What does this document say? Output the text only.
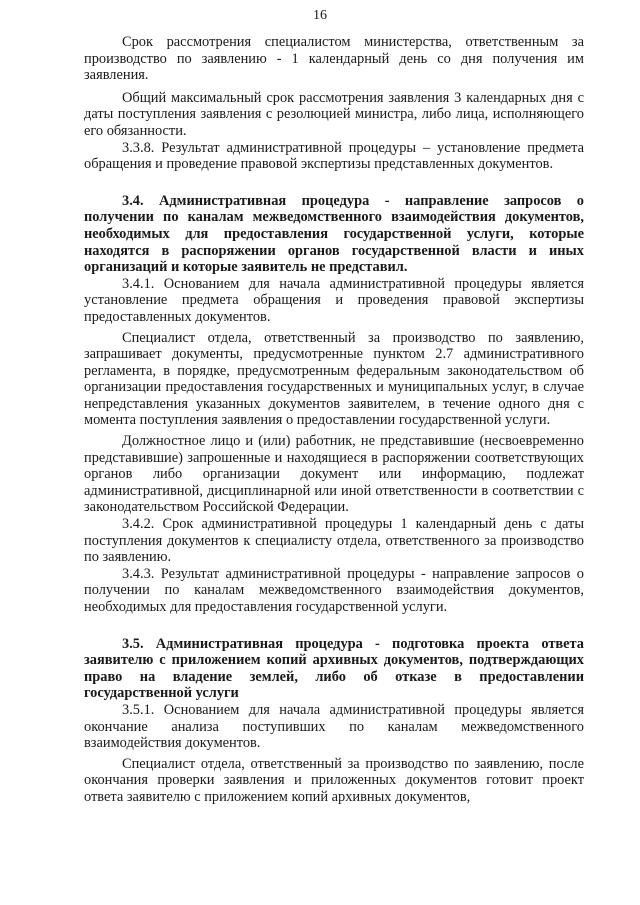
16

Срок рассмотрения специалистом министерства, ответственным за производство по заявлению - 1 календарный день со дня получения им заявления.

Общий максимальный срок рассмотрения заявления 3 календарных дня с даты поступления заявления с резолюцией министра, либо лица, исполняющего его обязанности.

3.3.8. Результат административной процедуры – установление предмета обращения и проведение правовой экспертизы представленных документов.

3.4. Административная процедура - направление запросов о получении по каналам межведомственного взаимодействия документов, необходимых для предоставления государственной услуги, которые находятся в распоряжении органов государственной власти и иных организаций и которые заявитель не представил.

3.4.1. Основанием для начала административной процедуры является установление предмета обращения и проведения правовой экспертизы предоставленных документов.

Специалист отдела, ответственный за производство по заявлению, запрашивает документы, предусмотренные пунктом 2.7 административного регламента, в порядке, предусмотренным федеральным законодательством об организации предоставления государственных и муниципальных услуг, в случае непредставления указанных документов заявителем, в течение одного дня с момента поступления заявления о предоставлении государственной услуги.

Должностное лицо и (или) работник, не представившие (несвоевременно представившие) запрошенные и находящиеся в распоряжении соответствующих органов либо организации документ или информацию, подлежат административной, дисциплинарной или иной ответственности в соответствии с законодательством Российской Федерации.

3.4.2. Срок административной процедуры 1 календарный день с даты поступления документов к специалисту отдела, ответственного за производство по заявлению.

3.4.3. Результат административной процедуры - направление запросов о получении по каналам межведомственного взаимодействия документов, необходимых для предоставления государственной услуги.

3.5. Административная процедура - подготовка проекта ответа заявителю с приложением копий архивных документов, подтверждающих право на владение землей, либо об отказе в предоставлении государственной услуги

3.5.1. Основанием для начала административной процедуры является окончание анализа поступивших по каналам межведомственного взаимодействия документов.

Специалист отдела, ответственный за производство по заявлению, после окончания проверки заявления и приложенных документов готовит проект ответа заявителю с приложением копий архивных документов,
